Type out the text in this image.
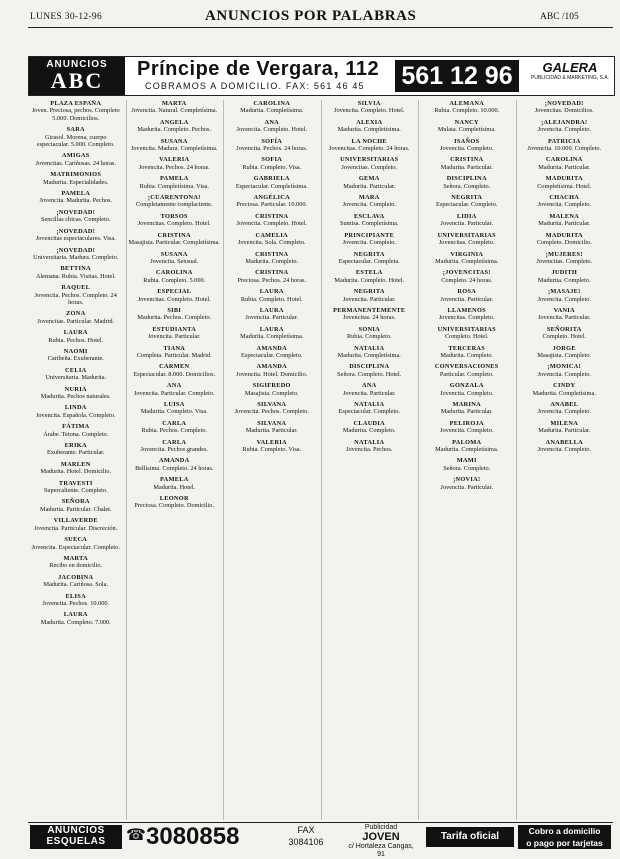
LUNES 30-12-96	ANUNCIOS POR PALABRAS	ABC /105
ANUNCIOS
ABC	Príncipe de Vergara, 112
COBRAMOS A DOMICILIO. FAX: 561 46 45 561 12 96	GALERA
PUBLICIDAD & MARKETING, S.A.
PLAZA ESPAÑA
Joven. Preciosa, pechos. Completo 5.000. Domicilios.
SARA
Girasol. Morena, cuerpo espectacular. 5.000. Completo.
AMIGAS
Jovencitas. Cariñosas. 24 horas.
MATRIMONIOS
Madurita. Especialidades.
PAMELA
Jovencita. Madurita. Pechos.
¡NOVEDAD!
Sencillas chicas. Completo.
¡NOVEDAD!
Jovencitas espectaculares. Visa.
¡NOVEDAD!
Universitaria. Madura. Completo.
BETTINA
Alemana. Rubia. Visitas. Hotel.
RAQUEL
Jovencita. Pechos. Completo. 24 horas.
ZONA
Jovencitas. Particular. Madrid.
LAURA
Rubia. Pechos. Hotel.
NAOMI
Caribeña. Exuberante.
CELIA
Universitaria. Madurita.
NURIA
Madurita. Pechos naturales.
LINDA
Jovencita. Española. Completo.
FÁTIMA
Árabe. Tetona. Completo.
ERIKA
Exuberante. Particular.
MARLEN
Madurita. Hotel. Domicilio.
TRAVESTI
Supercaliente. Completo.
SEÑORA
Madurita. Particular. Chalet.
VILLAVERDE
Jovencita. Particular. Discreción.
SUECA
Jovencita. Espectacular. Completo.
MARTA
Recibo en domicilio.
JACOBINA
Madurita. Cariñosa. Sola.
ELISA
Jovencita. Pechos. 10.000.
LAURA
Madurita. Completo. 7.000.
MARTA
Jovencita. Natural. Completísima.
ANGELA
Madurita. Completo. Pechos.
SUSANA
Jovencita. Madura. Completísima.
VALERIA
Jovencita. Pechos. 24 horas.
PAMELA
Rubia. Completísima. Visa.
¡CUARENTONA!
Completamente complaciente.
TORSOS
Jovencitas. Completo. Hotel.
CRISTINA
Masajista. Particular. Completísima.
SUSANA
Jovencita. Sensual.
CAROLINA
Rubia. Completo. 5.000.
ESPECIAL
Jovencitas. Completo. Hotel.
SIBI
Madurita. Pechos. Completo.
ESTUDIANTA
Jovencita. Particular.
TIANA
Completa. Particular. Madrid.
CARMEN
Espectacular. 8.000. Domicilios.
ANA
Jovencita. Particular. Completo.
LUISA
Madurita. Completo. Visa.
CARLA
Rubia. Pechos. Completo.
CARLA
Jovencita. Pechos grandes.
AMANDA
Bellísima. Completo. 24 horas.
PAMELA
Madurita. Hotel.
LEONOR
Preciosa. Completo. Domicilio.
CAROLINA
Madurita. Completísima.
ANA
Jovencita. Completo. Hotel.
SOFÍA
Jovencita. Pechos. 24 horas.
SOFIA
Rubia. Completo. Visa.
GABRIELA
Espectacular. Completísima.
ANGÉLICA
Preciosa. Particular. 10.000.
CRISTINA
Jovencita. Completo. Hotel.
CAMELIA
Jovencita. Sola. Completo.
CRISTINA
Madurita. Completo.
CRISTINA
Preciosa. Pechos. 24 horas.
LAURA
Rubia. Completo. Hotel.
LAURA
Jovencita. Particular.
LAURA
Madurita. Completísima.
AMANDA
Espectacular. Completo.
AMANDA
Jovencita. Hotel. Domicilio.
SIGIFREDO
Masajista. Completo.
SILVANA
Jovencita. Pechos. Completo.
SILVANA
Madurita. Particular.
VALERIA
Rubia. Completo. Visa.
SILVIA
Jovencita. Completo. Hotel.
ALEXIA
Madurita. Completísima.
LA NOCHE
Jovencitas. Completo. 24 horas.
UNIVERSITARIAS
Jovencitas. Completo.
GEMA
Madurita. Particular.
MARA
Jovencita. Completo.
ESCLAVA
Sumisa. Completísima.
PRINCIPIANTE
Jovencita. Completo.
NEGRITA
Espectacular. Completa.
ESTELA
Madurita. Completo. Hotel.
NEGRITA
Jovencita. Particular.
PERMANENTEMENTE
Jovencitas. 24 horas.
SONIA
Rubia. Completo.
NATALIA
Madurita. Completísima.
DISCIPLINA
Señora. Completo. Hotel.
ANA
Jovencita. Particular.
NATALIA
Espectacular. Completo.
CLAUDIA
Madurita. Completo.
NATALIA
Jovencita. Pechos.
ALEMANA
Rubia. Completo. 10.000.
NANCY
Mulata. Completísima.
ISAÑOS
Jovencita. Completo.
CRISTINA
Madurita. Particular.
DISCIPLINA
Señora. Completo.
NEGRITA
Espectacular. Completo.
LIDIA
Jovencita. Particular.
UNIVERSITARIAS
Jovencitas. Completo.
VIRGINIA
Madurita. Completísima.
¡JOVENCITAS!
Completo. 24 horas.
ROSA
Jovencita. Particular.
LLAMENOS
Jovencitas. Completo.
UNIVERSITARIAS
Completo. Hotel.
TERCERAS
Madurita. Completo.
CONVERSACIONES
Particular. Completo.
GONZALA
Jovencita. Completo.
MARINA
Madurita. Particular.
PELIROJA
Jovencita. Completo.
PALOMA
Madurita. Completísima.
MAMI
Señora. Completo.
¡NOVIA!
Jovencita. Particular.
¡NOVEDAD!
Jovencitas. Domicilios.
¡ALEJANDRA!
Jovencita. Completo.
PATRICIA
Jovencita. 10.000. Completo.
CAROLINA
Madurita. Particular.
MADURITA
Completísima. Hotel.
CHACHA
Jovencita. Completo.
MALENA
Madurita. Particular.
MADURITA
Completo. Domicilio.
¡MUJERES!
Jovencitas. Completo.
JUDITH
Madurita. Completo.
¡MASAJE!
Jovencita. Completo.
VANIA
Jovencita. Particular.
SEÑORITA
Completo. Hotel.
JORGE
Masajista. Completo.
¡MONICA!
Jovencita. Completo.
CINDY
Madurita. Completísima.
ANABEL
Jovencita. Completo.
MILENA
Madurita. Particular.
ANABELLA
Jovencita. Completo.
ANUNCIOS
ESQUELAS	☎ 3080858	FAX
3084106
Publicidad
JOVEN
c/ Hortaleza Cangas, 91
Tarifa oficial	Cobro a domicilio
o pago por tarjetas
